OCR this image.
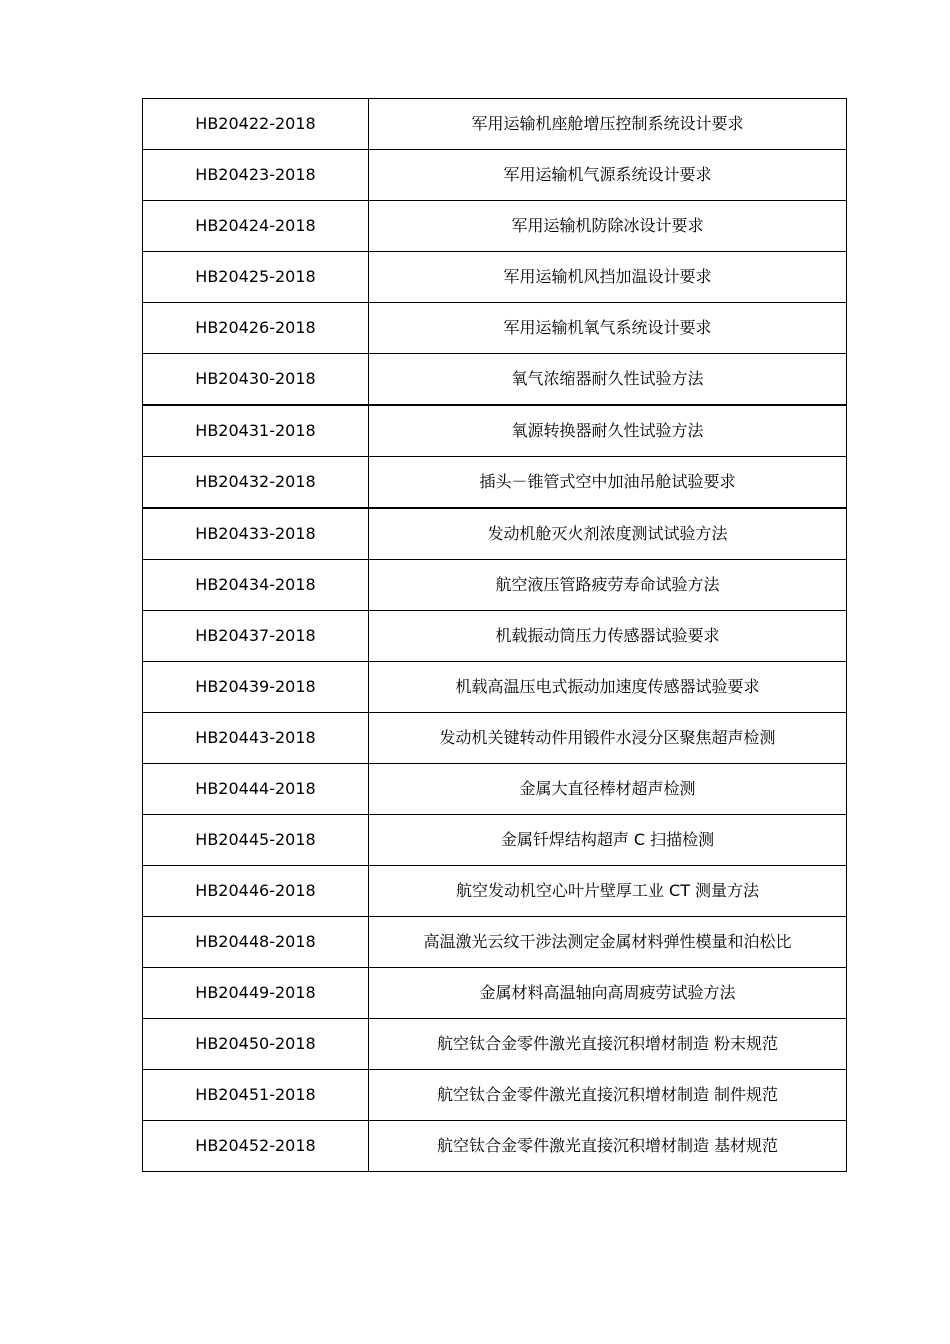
HB20422-2018	军用运输机座舱增压控制系统设计要求
HB20423-2018	军用运输机气源系统设计要求
HB20424-2018	军用运输机防除冰设计要求
HB20425-2018	军用运输机风挡加温设计要求
HB20426-2018	军用运输机氧气系统设计要求
HB20430-2018	氧气浓缩器耐久性试验方法
HB20431-2018	氧源转换器耐久性试验方法
HB20432-2018	插头－锥管式空中加油吊舱试验要求
HB20433-2018	发动机舱灭火剂浓度测试试验方法
HB20434-2018	航空液压管路疲劳寿命试验方法
HB20437-2018	机载振动筒压力传感器试验要求
HB20439-2018	机载高温压电式振动加速度传感器试验要求
HB20443-2018	发动机关键转动件用锻件水浸分区聚焦超声检测
HB20444-2018	金属大直径棒材超声检测
HB20445-2018	金属钎焊结构超声 C 扫描检测
HB20446-2018	航空发动机空心叶片壁厚工业 CT 测量方法
HB20448-2018	高温激光云纹干涉法测定金属材料弹性模量和泊松比
HB20449-2018	金属材料高温轴向高周疲劳试验方法
HB20450-2018	航空钛合金零件激光直接沉积增材制造 粉末规范
HB20451-2018	航空钛合金零件激光直接沉积增材制造 制件规范
HB20452-2018	航空钛合金零件激光直接沉积增材制造 基材规范
